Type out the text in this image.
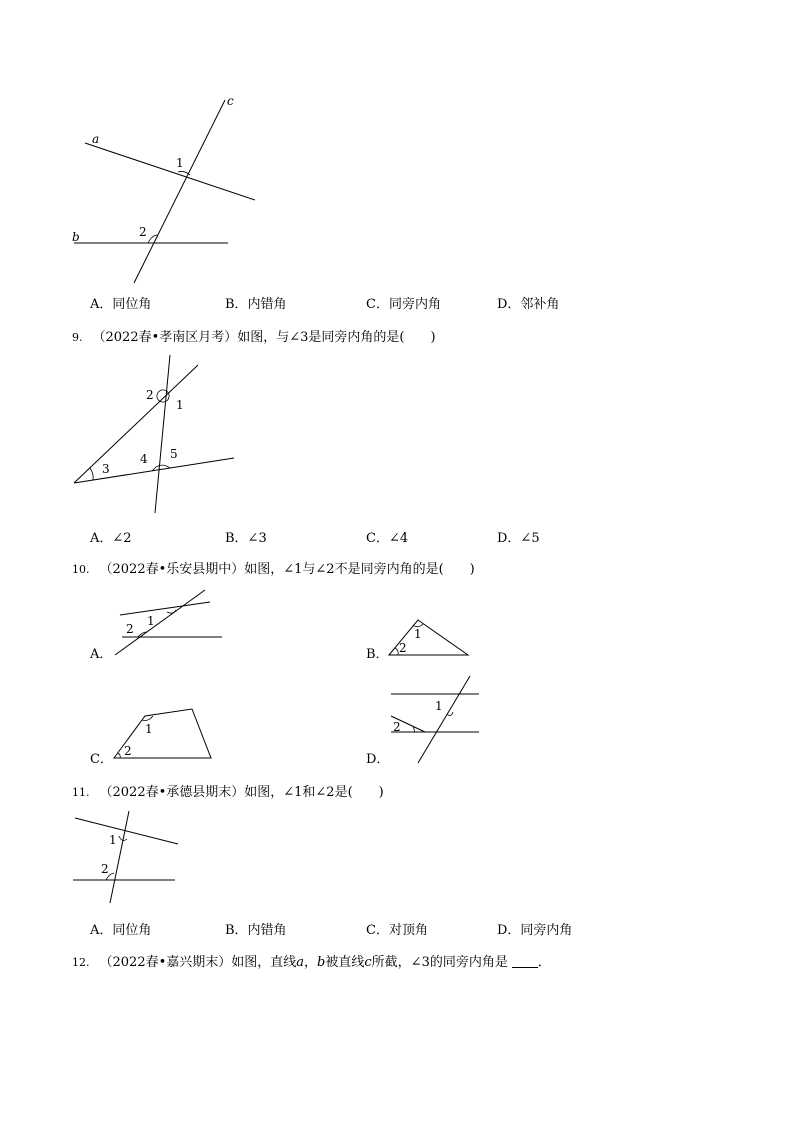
a
b
c
1
2
A．同位角	B．内错角	C．同旁内角	D．邻补角
9. （2022春•孝南区月考）如图，与∠3是同旁内角的是(　　)
2
1
3
4 5
A．∠2	B．∠3	C．∠4	D．∠5
10. （2022春•乐安县期中）如图，∠1与∠2不是同旁内角的是(　　)
A．
1
2
B．
1
2
C．
1
2
D．
1
2
11. （2022春•承德县期末）如图，∠1和∠2是(　　)
1
2
A．同位角	B．内错角	C．对顶角	D．同旁内角
12. （2022春•嘉兴期末）如图，直线a，b被直线c所截，∠3的同旁内角是 ．
